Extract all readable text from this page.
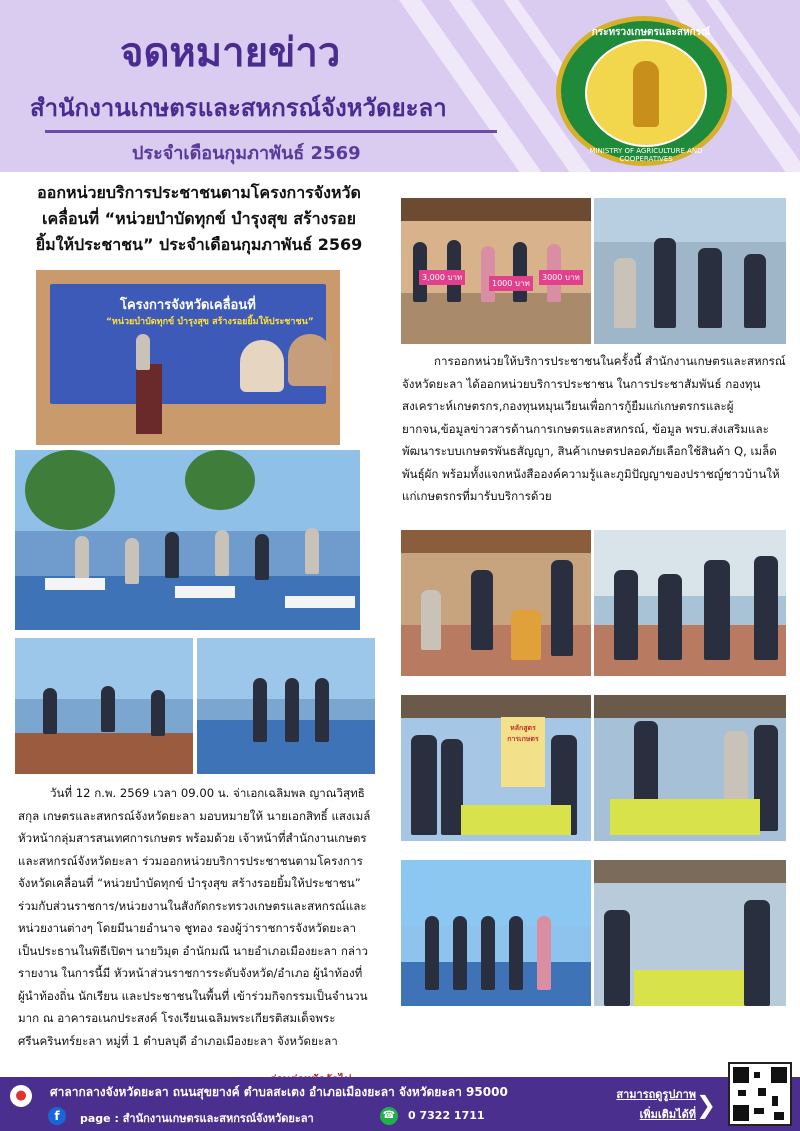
จดหมายข่าว
สำนักงานเกษตรและสหกรณ์จังหวัดยะลา
ประจำเดือนกุมภาพันธ์ 2569
กระทรวงเกษตรและสหกรณ์
MINISTRY OF AGRICULTURE AND COOPERATIVES
ออกหน่วยบริการประชาชนตามโครงการจังหวัด
เคลื่อนที่ “หน่วยบำบัดทุกข์ บำรุงสุข สร้างรอย
ยิ้มให้ประชาชน” ประจำเดือนกุมภาพันธ์ 2569
โครงการจังหวัดเคลื่อนที่
“หน่วยบำบัดทุกข์ บำรุงสุข สร้างรอยยิ้มให้ประชาชน”

วันที่ 12 ก.พ. 2569 เวลา 09.00 น. จ่าเอกเฉลิมพล ญาณวิสุทธิสกุล เกษตรและสหกรณ์จังหวัดยะลา มอบหมายให้ นายเอกสิทธิ์ แสงเมล์ หัวหน้ากลุ่มสารสนเทศการเกษตร พร้อมด้วย เจ้าหน้าที่สำนักงานเกษตรและสหกรณ์จังหวัดยะลา ร่วมออกหน่วยบริการประชาชนตามโครงการจังหวัดเคลื่อนที่ “หน่วยบำบัดทุกข์ บำรุงสุข สร้างรอยยิ้มให้ประชาชน” ร่วมกับส่วนราชการ/หน่วยงานในสังกัดกระทรวงเกษตรและสหกรณ์และหน่วยงานต่างๆ โดยมีนายอำนาจ ชูทอง รองผู้ว่าราชการจังหวัดยะลา เป็นประธานในพิธีเปิดฯ นายวิมุต อำนักมณี นายอำเภอเมืองยะลา กล่าวรายงาน ในการนี้มี หัวหน้าส่วนราชการระดับจังหวัด/อำเภอ ผู้นำท้องที่ ผู้นำท้องถิ่น นักเรียน และประชาชนในพื้นที่ เข้าร่วมกิจกรรมเป็นจำนวนมาก ณ อาคารอเนกประสงค์ โรงเรียนเฉลิมพระเกียรติสมเด็จพระศรีนครินทร์ยะลา หมู่ที่ 1 ตำบลบุดี อำเภอเมืองยะลา จังหวัดยะลา

3,000 บาท
1000 บาท
3000 บาท

การออกหน่วยให้บริการประชาชนในครั้งนี้ สำนักงานเกษตรและสหกรณ์จังหวัดยะลา ได้ออกหน่วยบริการประชาชน ในการประชาสัมพันธ์ กองทุนสงเคราะห์เกษตรกร,กองทุนหมุนเวียนเพื่อการกู้ยืมแก่เกษตรกรและผู้ยากจน,ข้อมูลข่าวสารด้านการเกษตรและสหกรณ์, ข้อมูล พรบ.ส่งเสริมและพัฒนาระบบเกษตรพันธสัญญา, สินค้าเกษตรปลอดภัยเลือกใช้สินค้า Q, เมล็ดพันธุ์ผัก พร้อมทั้งแจกหนังสือองค์ความรู้และภูมิปัญญาของปราชญ์ชาวบ้านให้แก่เกษตรกรที่มารับบริการด้วย

หลักสูตรการเกษตร
●	ศาลากลางจังหวัดยะลา ถนนสุขยางค์ ตำบลสะเตง อำเภอเมืองยะลา จังหวัดยะลา 95000
f	page : สำนักงานเกษตรและสหกรณ์จังหวัดยะลา	☎ 0 7322 1711
สามารถดูรูปภาพ
เพิ่มเติมได้ที่ ❯
